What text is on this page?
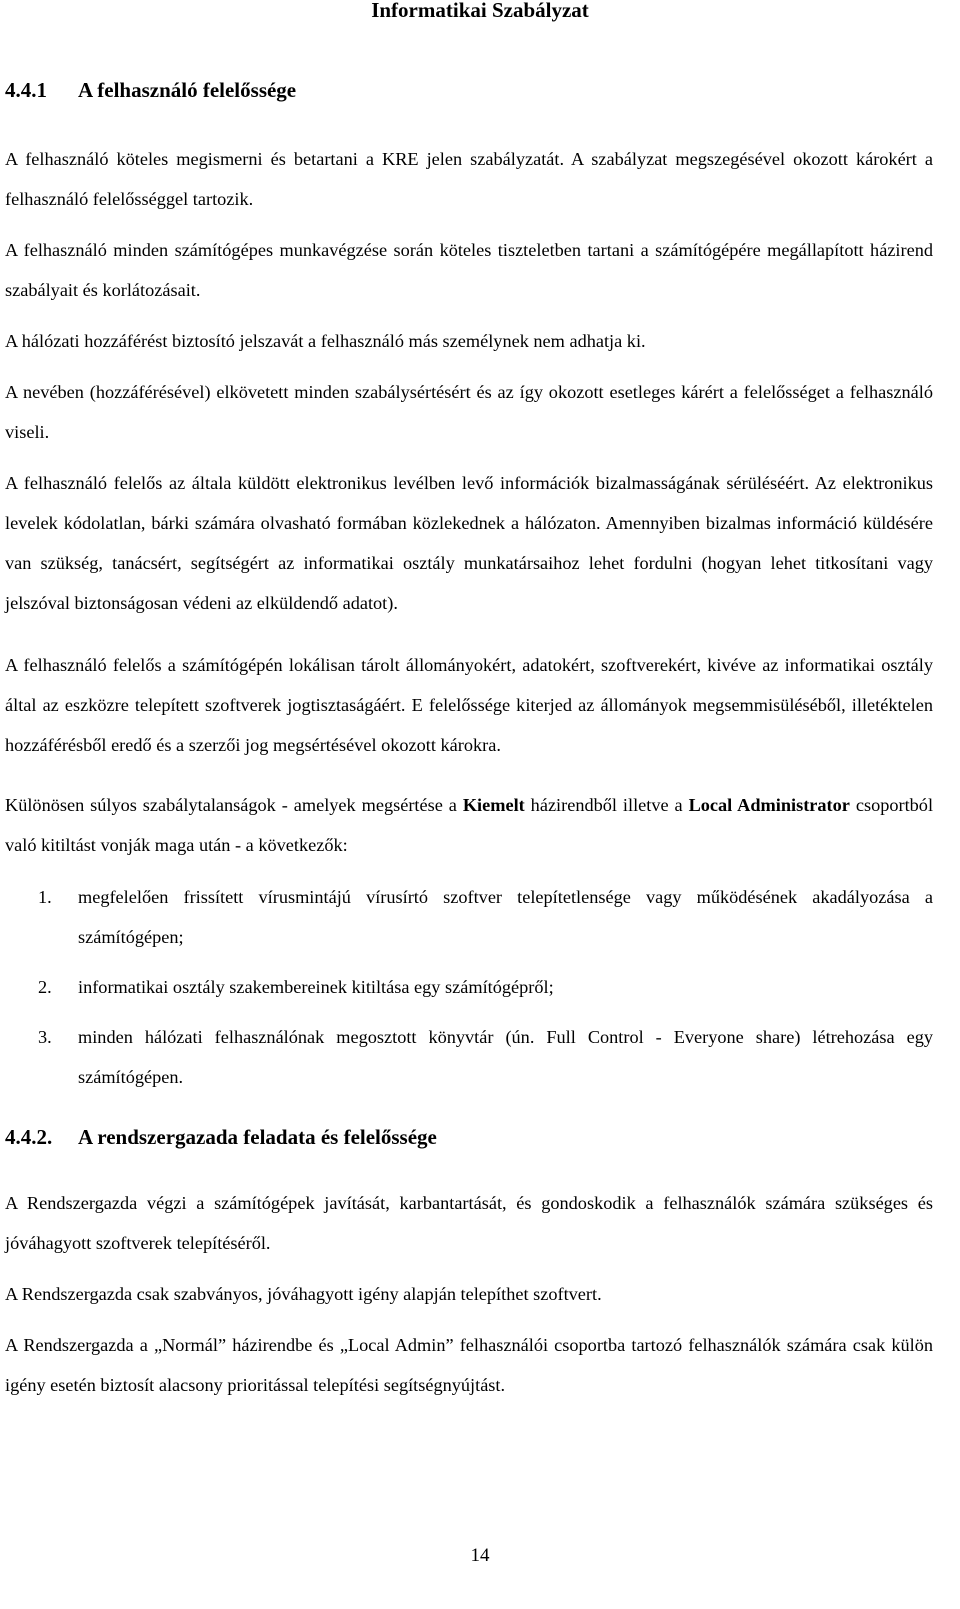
Informatikai Szabályzat
4.4.1	A felhasználó felelőssége

A felhasználó köteles megismerni és betartani a KRE jelen szabályzatát. A szabályzat megszegésével okozott károkért a felhasználó felelősséggel tartozik.

A felhasználó minden számítógépes munkavégzése során köteles tiszteletben tartani a számítógépére megállapított házirend szabályait és korlátozásait.

A hálózati hozzáférést biztosító jelszavát a felhasználó más személynek nem adhatja ki.

A nevében (hozzáférésével) elkövetett minden szabálysértésért és az így okozott esetleges kárért a felelősséget a felhasználó viseli.

A felhasználó felelős az általa küldött elektronikus levélben levő információk bizalmasságának sérüléséért. Az elektronikus levelek kódolatlan, bárki számára olvasható formában közlekednek a hálózaton. Amennyiben bizalmas információ küldésére van szükség, tanácsért, segítségért az informatikai osztály munkatársaihoz lehet fordulni (hogyan lehet titkosítani vagy jelszóval biztonságosan védeni az elküldendő adatot).

A felhasználó felelős a számítógépén lokálisan tárolt állományokért, adatokért, szoftverekért, kivéve az informatikai osztály által az eszközre telepített szoftverek jogtisztaságáért. E felelőssége kiterjed az állományok megsemmisüléséből, illetéktelen hozzáférésből eredő és a szerzői jog megsértésével okozott károkra.

Különösen súlyos szabálytalanságok - amelyek megsértése a Kiemelt házirendből illetve a Local Administrator csoportból való kitiltást vonják maga után - a következők:

1.	megfelelően frissített vírusmintájú vírusírtó szoftver telepítetlensége vagy működésének akadályozása a számítógépen;
2.	informatikai osztály szakembereinek kitiltása egy számítógépről;
3.	minden hálózati felhasználónak megosztott könyvtár (ún. Full Control - Everyone share) létrehozása egy számítógépen.
4.4.2.	A rendszergazada feladata és felelőssége

A Rendszergazda végzi a számítógépek javítását, karbantartását, és gondoskodik a felhasználók számára szükséges és jóváhagyott szoftverek telepítéséről.

A Rendszergazda csak szabványos, jóváhagyott igény alapján telepíthet szoftvert.

A Rendszergazda a „Normál” házirendbe és „Local Admin” felhasználói csoportba tartozó felhasználók számára csak külön igény esetén biztosít alacsony prioritással telepítési segítségnyújtást.

14
